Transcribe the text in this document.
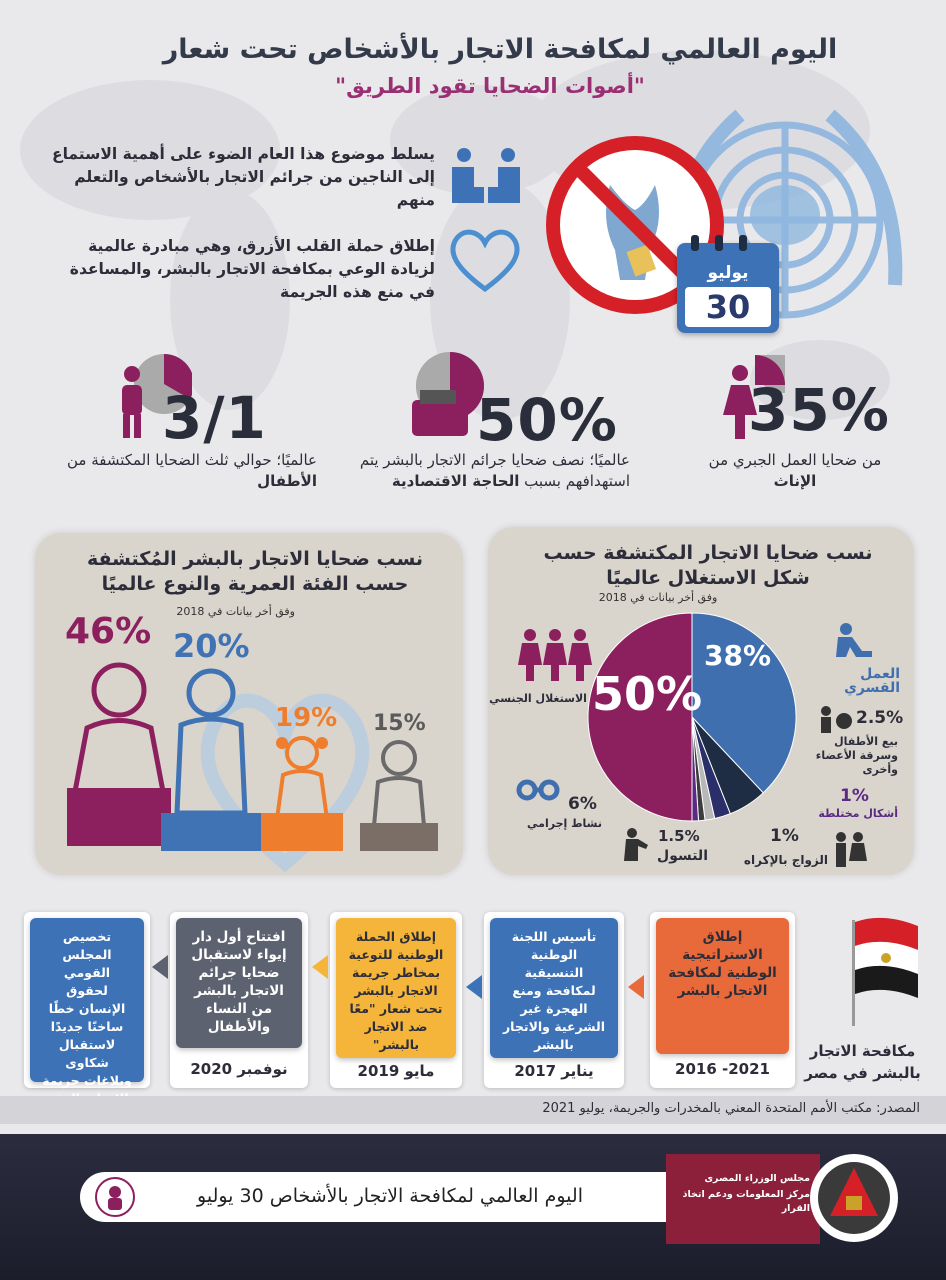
اليوم العالمي لمكافحة الاتجار بالأشخاص تحت شعار
"أصوات الضحايا تقود الطريق"
يوليو
30
يسلط موضوع هذا العام الضوء على أهمية الاستماع إلى الناجين من جرائم الاتجار بالأشخاص والتعلم منهم
إطلاق حملة القلب الأزرق، وهي مبادرة عالمية لزيادة الوعي بمكافحة الاتجار بالبشر، والمساعدة في منع هذه الجريمة
35%
من ضحايا العمل الجبري من الإناث
50%
عالميًا؛ نصف ضحايا جرائم الاتجار بالبشر يتم استهدافهم بسبب الحاجة الاقتصادية
3/1
عالميًا؛ حوالي ثلث الضحايا المكتشفة من الأطفال
نسب ضحايا الاتجار بالبشر المُكتشفة حسب الفئة العمرية والنوع عالميًا
وفق أخر بيانات في 2018
46% 20%
19% 15%
نسب ضحايا الاتجار المكتشفة حسب شكل الاستغلال عالميًا
وفق أخر بيانات في 2018
38%
50%	العمل القسري
الاستغلال الجنسي
2.5%
بيع الأطفال وسرقة الأعضاء وأخرى
1%
أشكال مختلطة
6%
نشاط إجرامي
1.5%
التسول
1%
الزواج بالإكراه
مكافحة الاتجار بالبشر في مصر
إطلاق الاستراتيجية الوطنية لمكافحة الاتجار بالبشر
2016 -2021
تأسيس اللجنة الوطنية التنسيقية لمكافحة ومنع الهجرة غير الشرعية والاتجار بالبشر
يناير 2017
إطلاق الحملة الوطنية للتوعية بمخاطر جريمة الاتجار بالبشر تحت شعار "معًا ضد الاتجار بالبشر"
مايو 2019
افتتاح أول دار إيواء لاستقبال ضحايا جرائم الاتجار بالبشر من النساء والأطفال
نوفمبر 2020
تخصيص المجلس القومي لحقوق الإنسان خطًا ساخنًا جديدًا لاستقبال شكاوى وبلاغات جريمة
المصدر: مكتب الأمم المتحدة المعني بالمخدرات والجريمة، يوليو 2021
اليوم العالمي لمكافحة الاتجار بالأشخاص 30 يوليو
مجلس الوزراء المصرى
مركز المعلومات ودعم اتخاذ القرار
